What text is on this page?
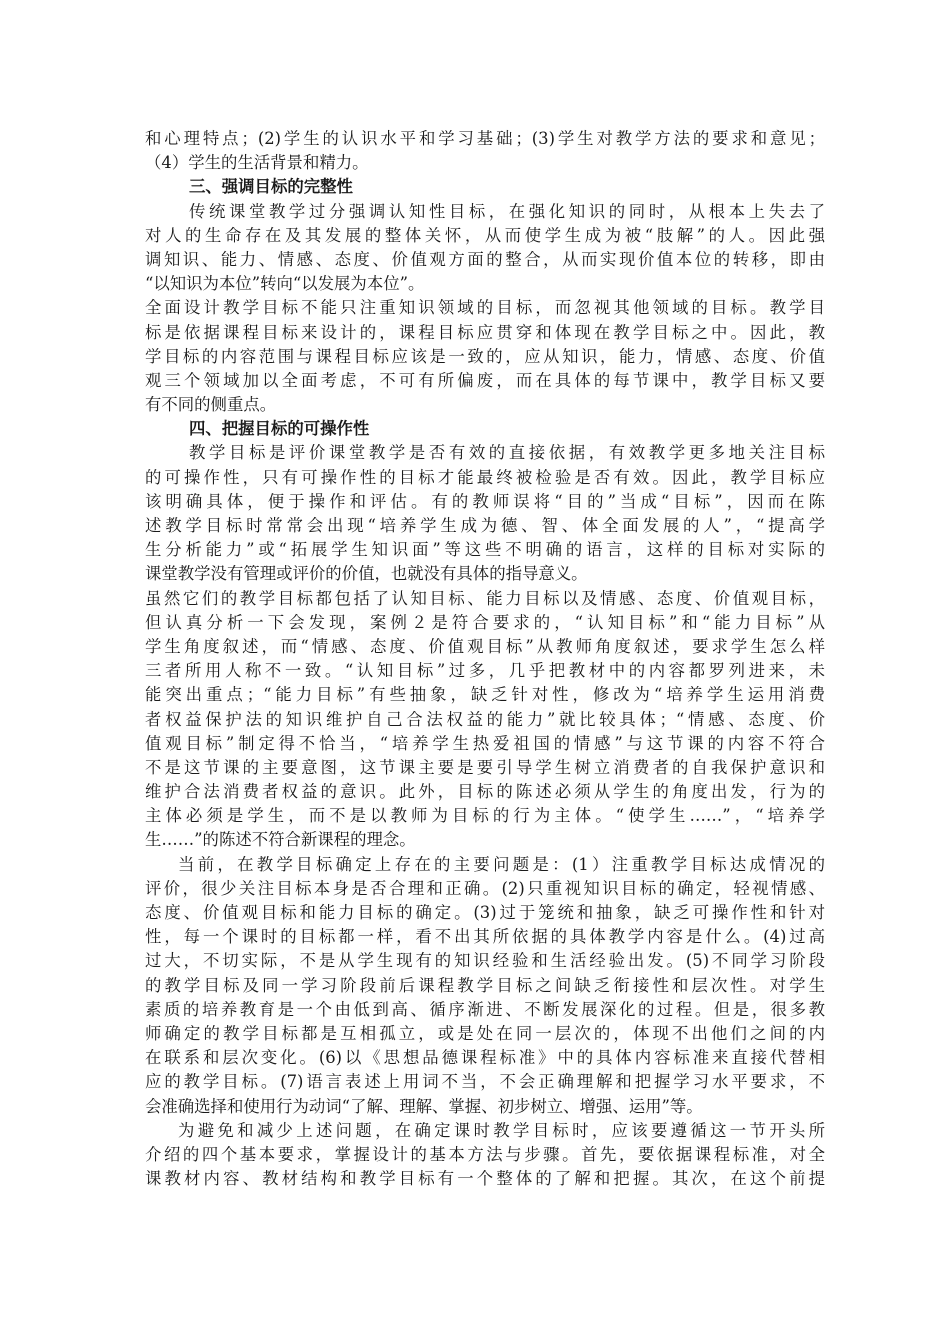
和心理特点；(2)学生的认识水平和学习基础；(3)学生对教学方法的要求和意见；
（4）学生的生活背景和精力。
三、强调目标的完整性
传统课堂教学过分强调认知性目标，在强化知识的同时，从根本上失去了
对人的生命存在及其发展的整体关怀，从而使学生成为被“肢解”的人。因此强
调知识、能力、情感、态度、价值观方面的整合，从而实现价值本位的转移，即由
“以知识为本位”转向“以发展为本位”。
全面设计教学目标不能只注重知识领域的目标，而忽视其他领域的目标。教学目
标是依据课程目标来设计的，课程目标应贯穿和体现在教学目标之中。因此，教
学目标的内容范围与课程目标应该是一致的，应从知识，能力，情感、态度、价值
观三个领域加以全面考虑，不可有所偏废，而在具体的每节课中，教学目标又要
有不同的侧重点。
四、把握目标的可操作性
教学目标是评价课堂教学是否有效的直接依据，有效教学更多地关注目标
的可操作性，只有可操作性的目标才能最终被检验是否有效。因此，教学目标应
该明确具体，便于操作和评估。有的教师误将“目的”当成“目标”，因而在陈
述教学目标时常常会出现“培养学生成为德、智、体全面发展的人”，“提高学
生分析能力”或“拓展学生知识面”等这些不明确的语言，这样的目标对实际的
课堂教学没有管理或评价的价值，也就没有具体的指导意义。
虽然它们的教学目标都包括了认知目标、能力目标以及情感、态度、价值观目标，
但认真分析一下会发现，案例２是符合要求的，“认知目标”和“能力目标”从
学生角度叙述，而“情感、态度、价值观目标”从教师角度叙述，要求学生怎么样
三者所用人称不一致。“认知目标”过多，几乎把教材中的内容都罗列进来，未
能突出重点；“能力目标”有些抽象，缺乏针对性，修改为“培养学生运用消费
者权益保护法的知识维护自己合法权益的能力”就比较具体；“情感、态度、价
值观目标”制定得不恰当，“培养学生热爱祖国的情感”与这节课的内容不符合
不是这节课的主要意图，这节课主要是要引导学生树立消费者的自我保护意识和
维护合法消费者权益的意识。此外，目标的陈述必须从学生的角度出发，行为的
主体必须是学生，而不是以教师为目标的行为主体。“使学生……”，“培养学
生……”的陈述不符合新课程的理念。
当前，在教学目标确定上存在的主要问题是：(1）注重教学目标达成情况的
评价，很少关注目标本身是否合理和正确。(2)只重视知识目标的确定，轻视情感、
态度、价值观目标和能力目标的确定。(3)过于笼统和抽象，缺乏可操作性和针对
性，每一个课时的目标都一样，看不出其所依据的具体教学内容是什么。(4)过高
过大，不切实际，不是从学生现有的知识经验和生活经验出发。(5)不同学习阶段
的教学目标及同一学习阶段前后课程教学目标之间缺乏衔接性和层次性。对学生
素质的培养教育是一个由低到高、循序渐进、不断发展深化的过程。但是，很多教
师确定的教学目标都是互相孤立，或是处在同一层次的，体现不出他们之间的内
在联系和层次变化。(6)以《思想品德课程标准》中的具体内容标准来直接代替相
应的教学目标。(7)语言表述上用词不当，不会正确理解和把握学习水平要求，不
会准确选择和使用行为动词“了解、理解、掌握、初步树立、增强、运用”等。
为避免和减少上述问题，在确定课时教学目标时，应该要遵循这一节开头所
介绍的四个基本要求，掌握设计的基本方法与步骤。首先，要依据课程标准，对全
课教材内容、教材结构和教学目标有一个整体的了解和把握。其次，在这个前提
